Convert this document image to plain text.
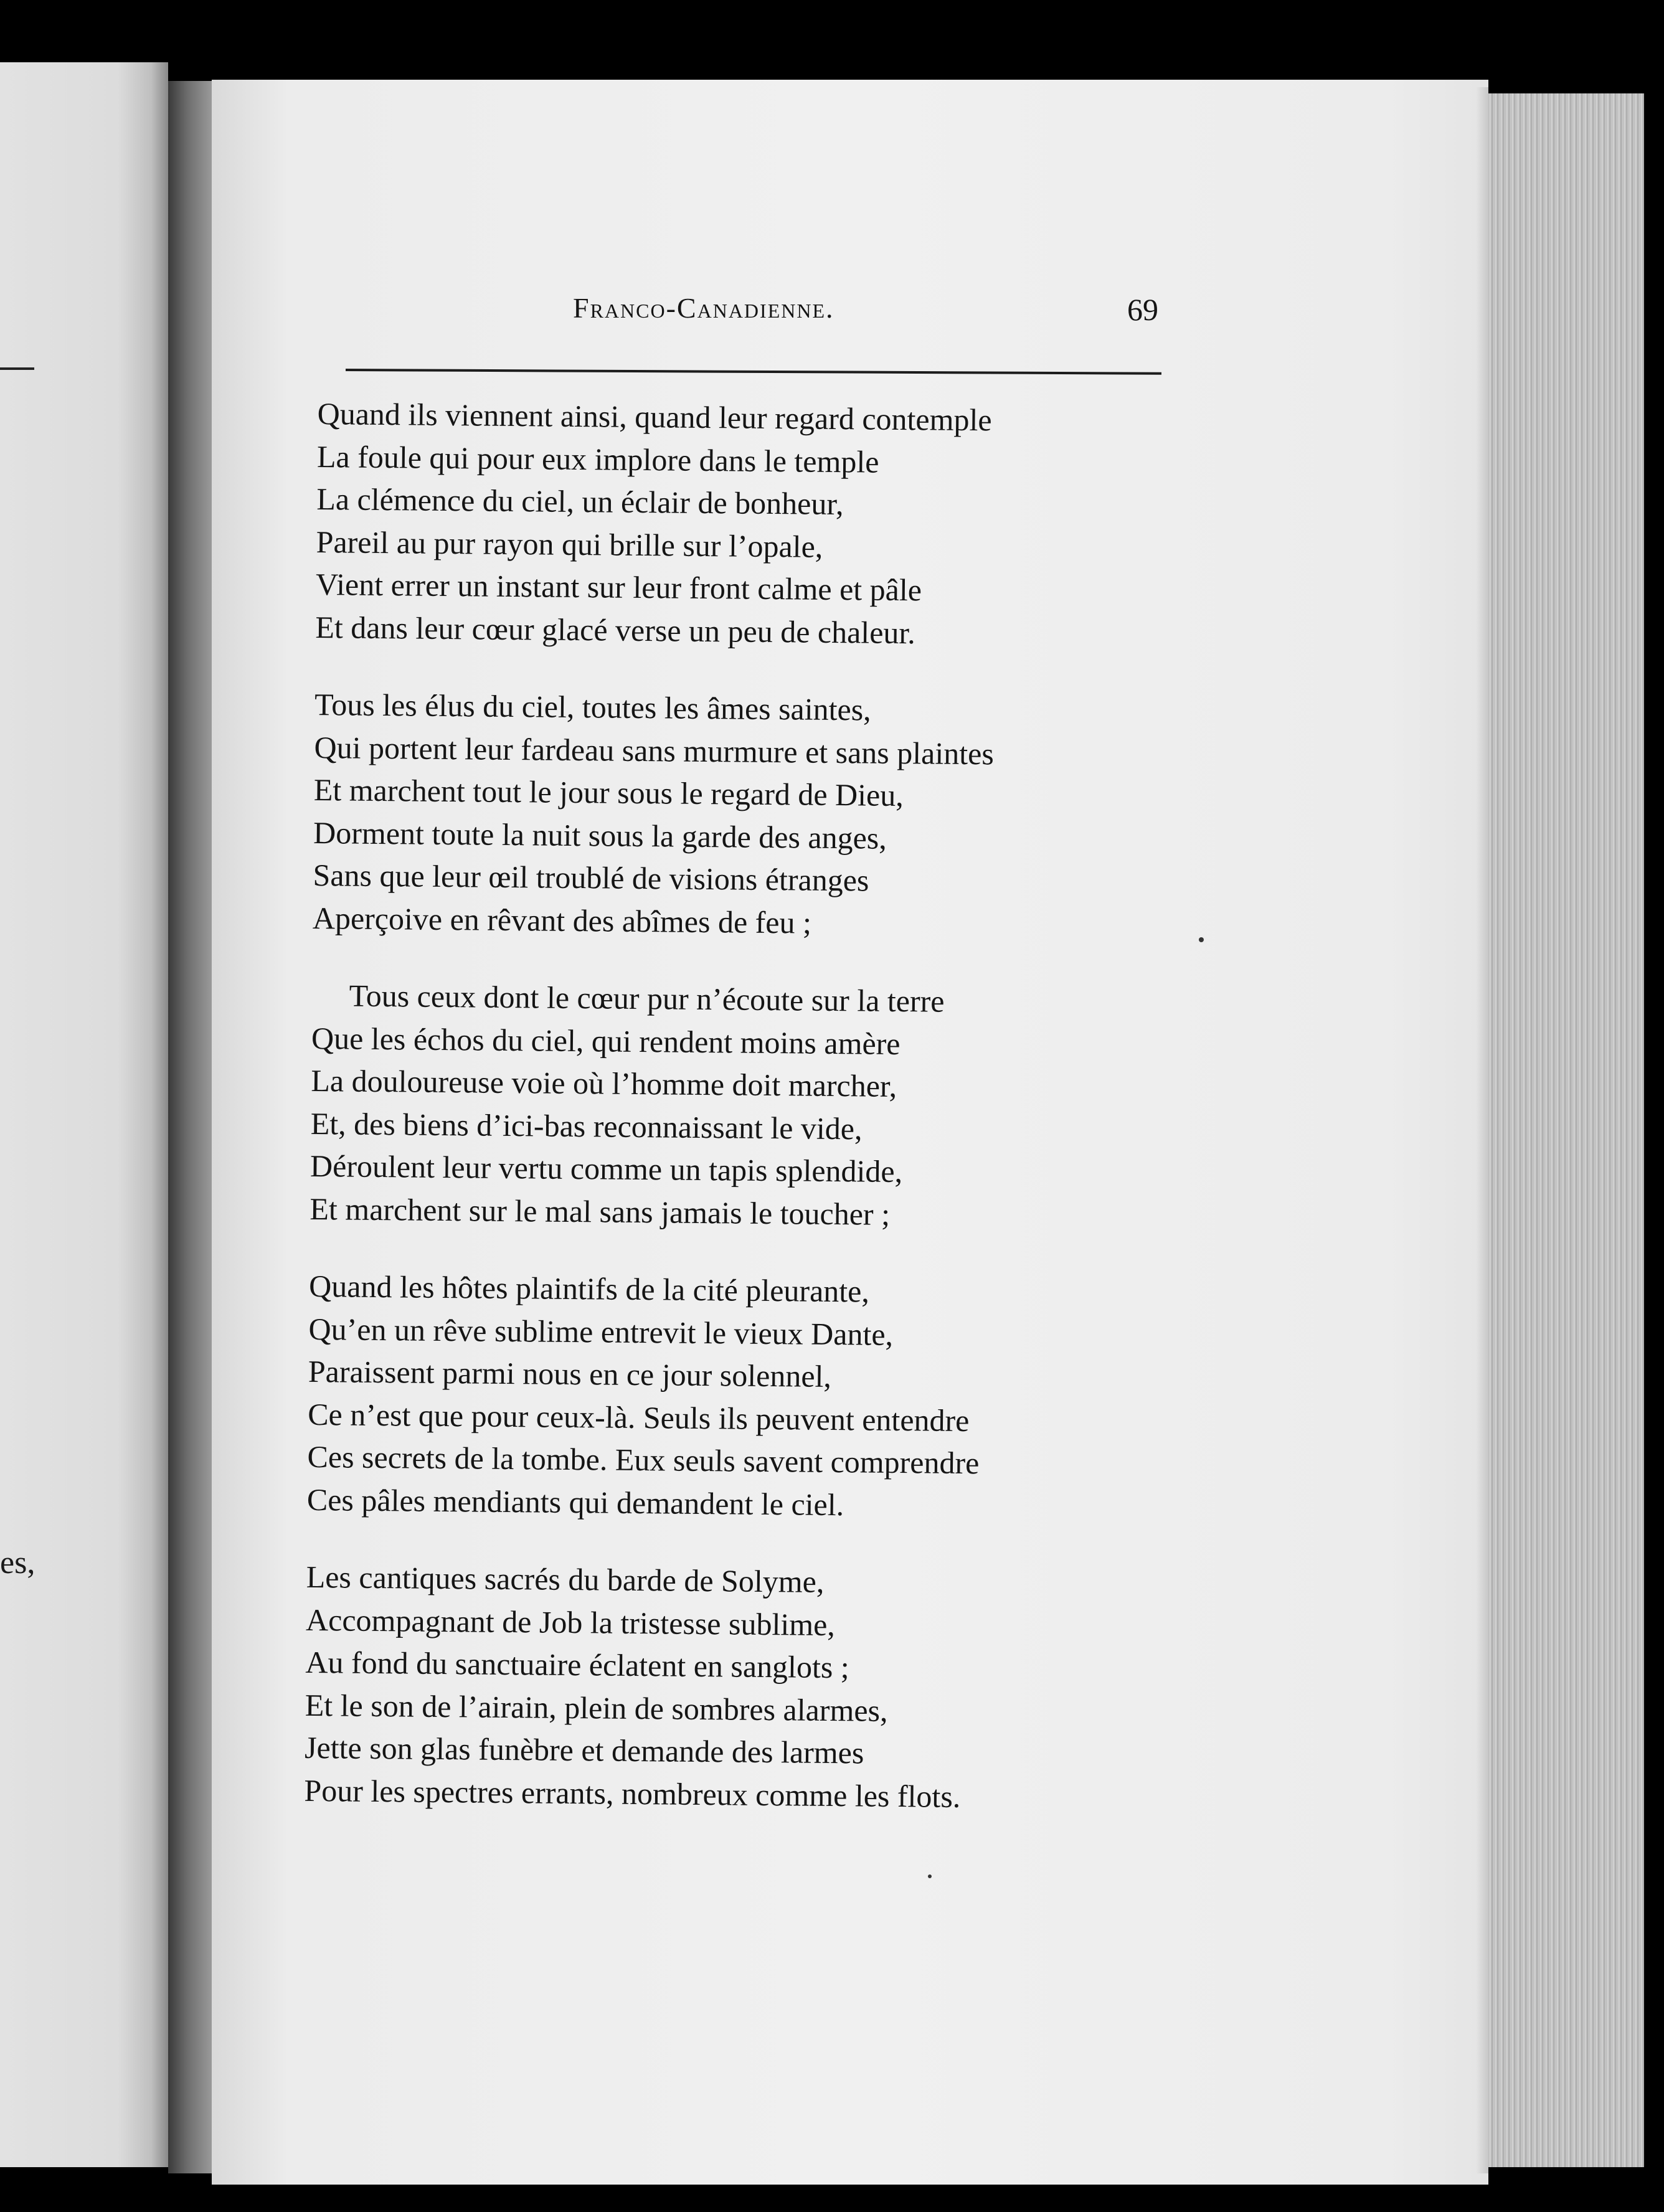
es,
Franco-Canadienne.	69
Quand ils viennent ainsi, quand leur regard contemple
La foule qui pour eux implore dans le temple
La clémence du ciel, un éclair de bonheur,
Pareil au pur rayon qui brille sur l’opale,
Vient errer un instant sur leur front calme et pâle
Et dans leur cœur glacé verse un peu de chaleur.
Tous les élus du ciel, toutes les âmes saintes,
Qui portent leur fardeau sans murmure et sans plaintes
Et marchent tout le jour sous le regard de Dieu,
Dorment toute la nuit sous la garde des anges,
Sans que leur œil troublé de visions étranges
Aperçoive en rêvant des abîmes de feu ;
Tous ceux dont le cœur pur n’écoute sur la terre
Que les échos du ciel, qui rendent moins amère
La douloureuse voie où l’homme doit marcher,
Et, des biens d’ici-bas reconnaissant le vide,
Déroulent leur vertu comme un tapis splendide,
Et marchent sur le mal sans jamais le toucher ;
Quand les hôtes plaintifs de la cité pleurante,
Qu’en un rêve sublime entrevit le vieux Dante,
Paraissent parmi nous en ce jour solennel,
Ce n’est que pour ceux-là. Seuls ils peuvent entendre
Ces secrets de la tombe. Eux seuls savent comprendre
Ces pâles mendiants qui demandent le ciel.
Les cantiques sacrés du barde de Solyme,
Accompagnant de Job la tristesse sublime,
Au fond du sanctuaire éclatent en sanglots ;
Et le son de l’airain, plein de sombres alarmes,
Jette son glas funèbre et demande des larmes
Pour les spectres errants, nombreux comme les flots.
